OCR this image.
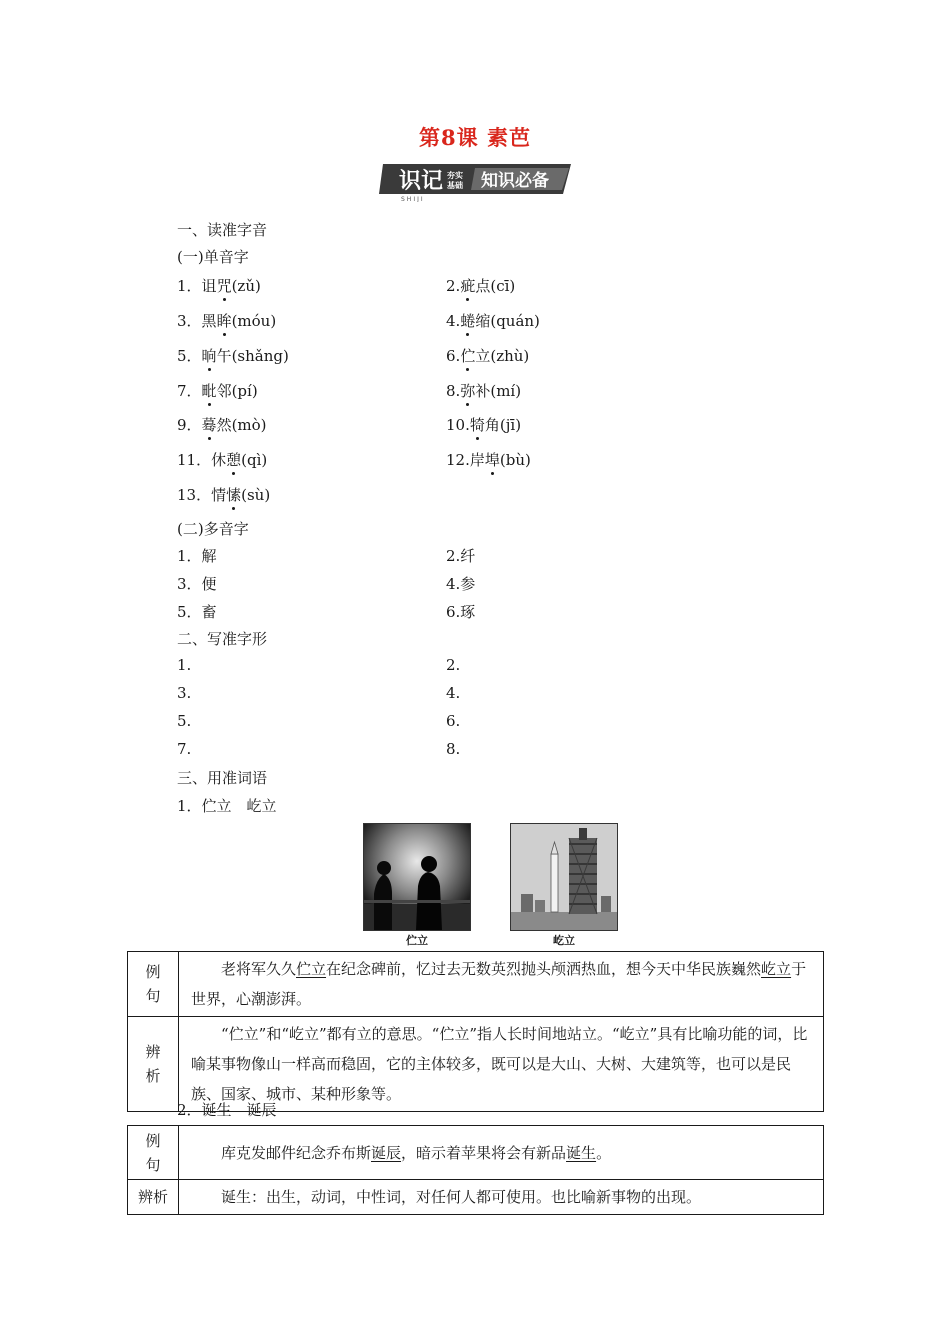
第8课 素芭
识记 夯实
基础 知识必备
SHIJI
一、读准字音
(一)单音字
1．诅咒(zǔ)	2.疵点(cī)
3．黑眸(móu)	4.蜷缩(quán)
5．晌午(shǎng)	6.伫立(zhù)
7．毗邻(pí)	8.弥补(mí)
9．蓦然(mò)	10.犄角(jī)
11．休憩(qì)	12.岸埠(bù)
13．情愫(sù)
(二)多音字
1．解	2.纤
3．便	4.参
5．畜	6.琢
二、写准字形
1.	2.
3.	4.
5.	6.
7.	8.
三、用准词语
1．伫立　屹立
伫立	屹立
例句	老将军久久伫立在纪念碑前，忆过去无数英烈抛头颅洒热血，想今天中华民族巍然屹立于世界，心潮澎湃。
辨析	“伫立”和“屹立”都有立的意思。“伫立”指人长时间地站立。“屹立”具有比喻功能的词，比喻某事物像山一样高而稳固，它的主体较多，既可以是大山、大树、大建筑等，也可以是民族、国家、城市、某种形象等。
2．诞生　诞辰
例句	库克发邮件纪念乔布斯诞辰，暗示着苹果将会有新品诞生。
辨析	诞生：出生，动词，中性词，对任何人都可使用。也比喻新事物的出现。
